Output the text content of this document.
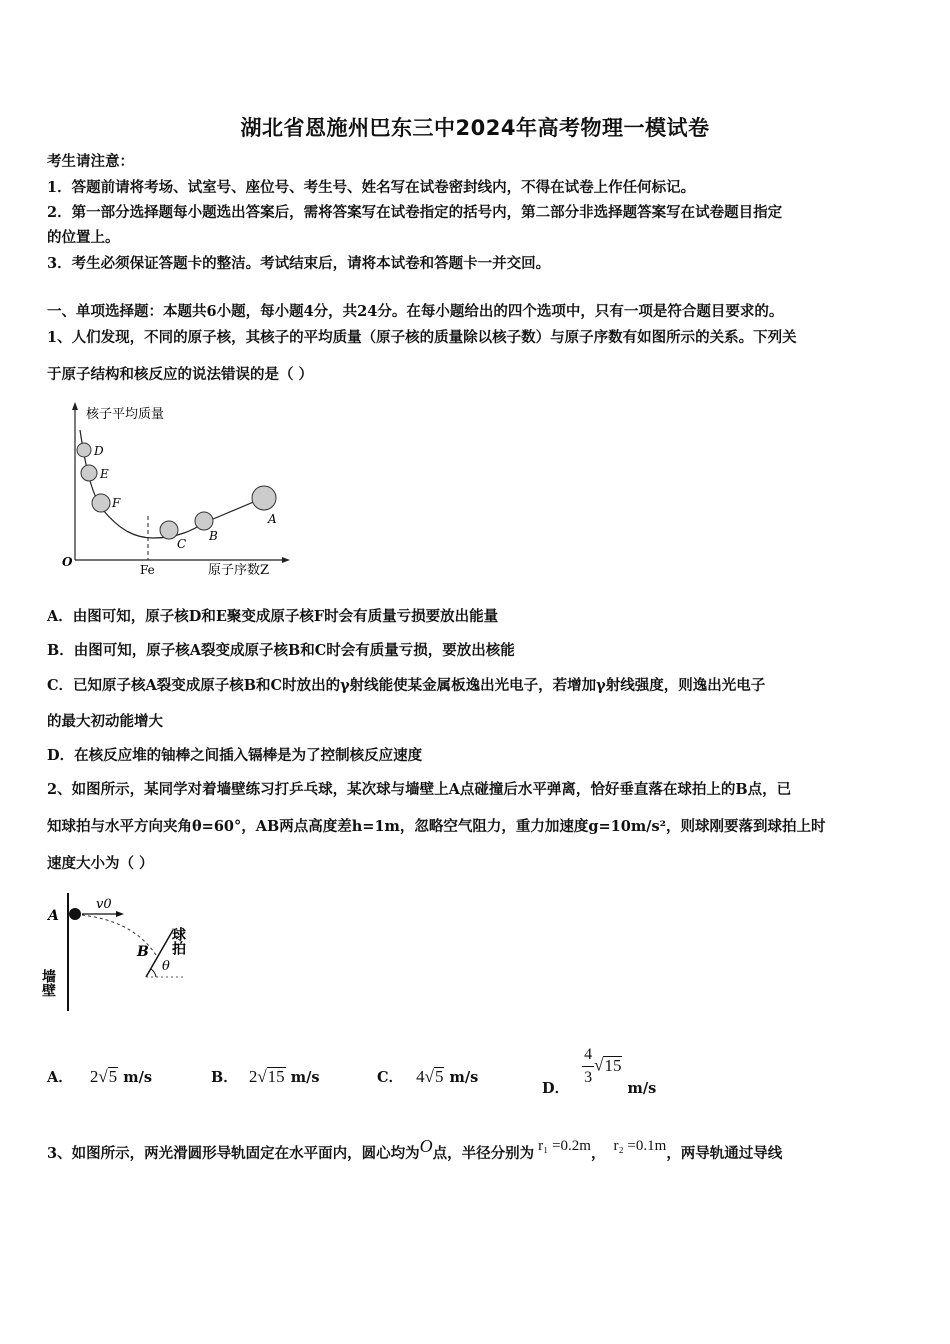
湖北省恩施州巴东三中2024年高考物理一模试卷
考生请注意：
1．答题前请将考场、试室号、座位号、考生号、姓名写在试卷密封线内，不得在试卷上作任何标记。
2．第一部分选择题每小题选出答案后，需将答案写在试卷指定的括号内，第二部分非选择题答案写在试卷题目指定
的位置上。
3．考生必须保证答题卡的整洁。考试结束后，请将本试卷和答题卡一并交回。
一、单项选择题：本题共6小题，每小题4分，共24分。在每小题给出的四个选项中，只有一项是符合题目要求的。
1、人们发现，不同的原子核，其核子的平均质量（原子核的质量除以核子数）与原子序数有如图所示的关系。下列关
于原子结构和核反应的说法错误的是（ ）
核子平均质量
D
E
F
C
B
A
O
Fe	原子序数Z
A．由图可知，原子核D和E聚变成原子核F时会有质量亏损要放出能量
B．由图可知，原子核A裂变成原子核B和C时会有质量亏损，要放出核能
C．已知原子核A裂变成原子核B和C时放出的γ射线能使某金属板逸出光电子，若增加γ射线强度，则逸出光电子
的最大初动能增大
D．在核反应堆的铀棒之间插入镉棒是为了控制核反应速度
2、如图所示，某同学对着墙壁练习打乒乓球，某次球与墙壁上A点碰撞后水平弹离，恰好垂直落在球拍上的B点，已
知球拍与水平方向夹角θ=60°，AB两点高度差h=1m，忽略空气阻力，重力加速度g=10m/s²，则球刚要落到球拍上时
速度大小为（ ）
A
v0
B
θ
球拍
墙壁
A． 2√5 m/s	B． 2√15 m/s	C． 4√5 m/s
D． $\frac{4}{3}√15$ m/s
3、如图所示，两光滑圆形导轨固定在水平面内，圆心均为O点，半径分别为 r₁ =0.2m， r₂ =0.1m，两导轨通过导线
